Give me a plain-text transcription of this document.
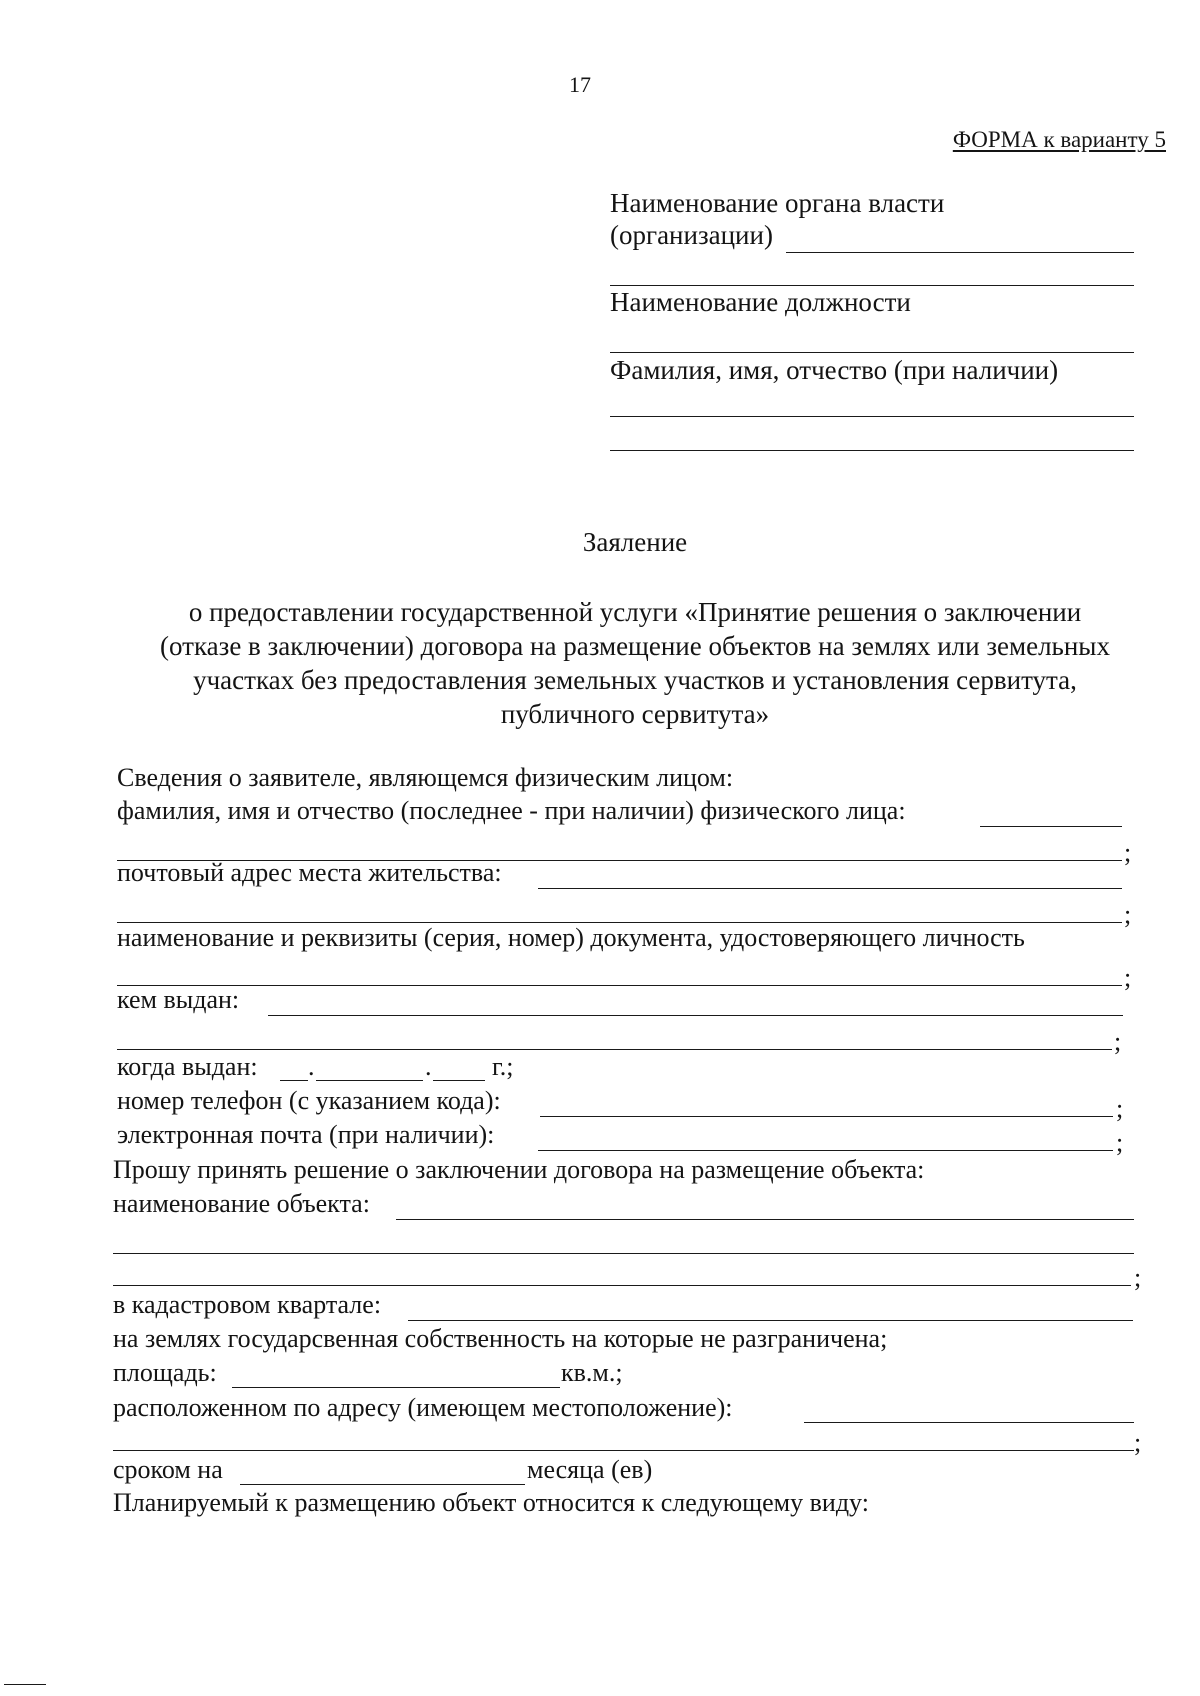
17
ФОРМА к варианту 5
Наименование органа власти
(организации)
Наименование должности
Фамилия, имя, отчество (при наличии)
Заяление
о предоставлении государственной услуги «Принятие решения о заключении
(отказе в заключении) договора на размещение объектов на землях или земельных
участках без предоставления земельных участков и установления сервитута,
публичного сервитута»
Сведения о заявителе, являющемся физическим лицом:
фамилия, имя и отчество (последнее - при наличии) физического лица:
;
почтовый адрес места жительства:
;
наименование и реквизиты (серия, номер) документа, удостоверяющего личность
;
кем выдан:
;
когда выдан: .	. г.;
номер телефон (с указанием кода):	;
электронная почта (при наличии):	;
Прошу принять решение о заключении договора на размещение объекта:
наименование объекта:
;
в кадастровом квартале:
на землях государсвенная собственность на которые не разграничена;
площадь:	кв.м.;
расположенном по адресу (имеющем местоположение):
;
сроком на	месяца (ев)
Планируемый к размещению объект относится к следующему виду:
